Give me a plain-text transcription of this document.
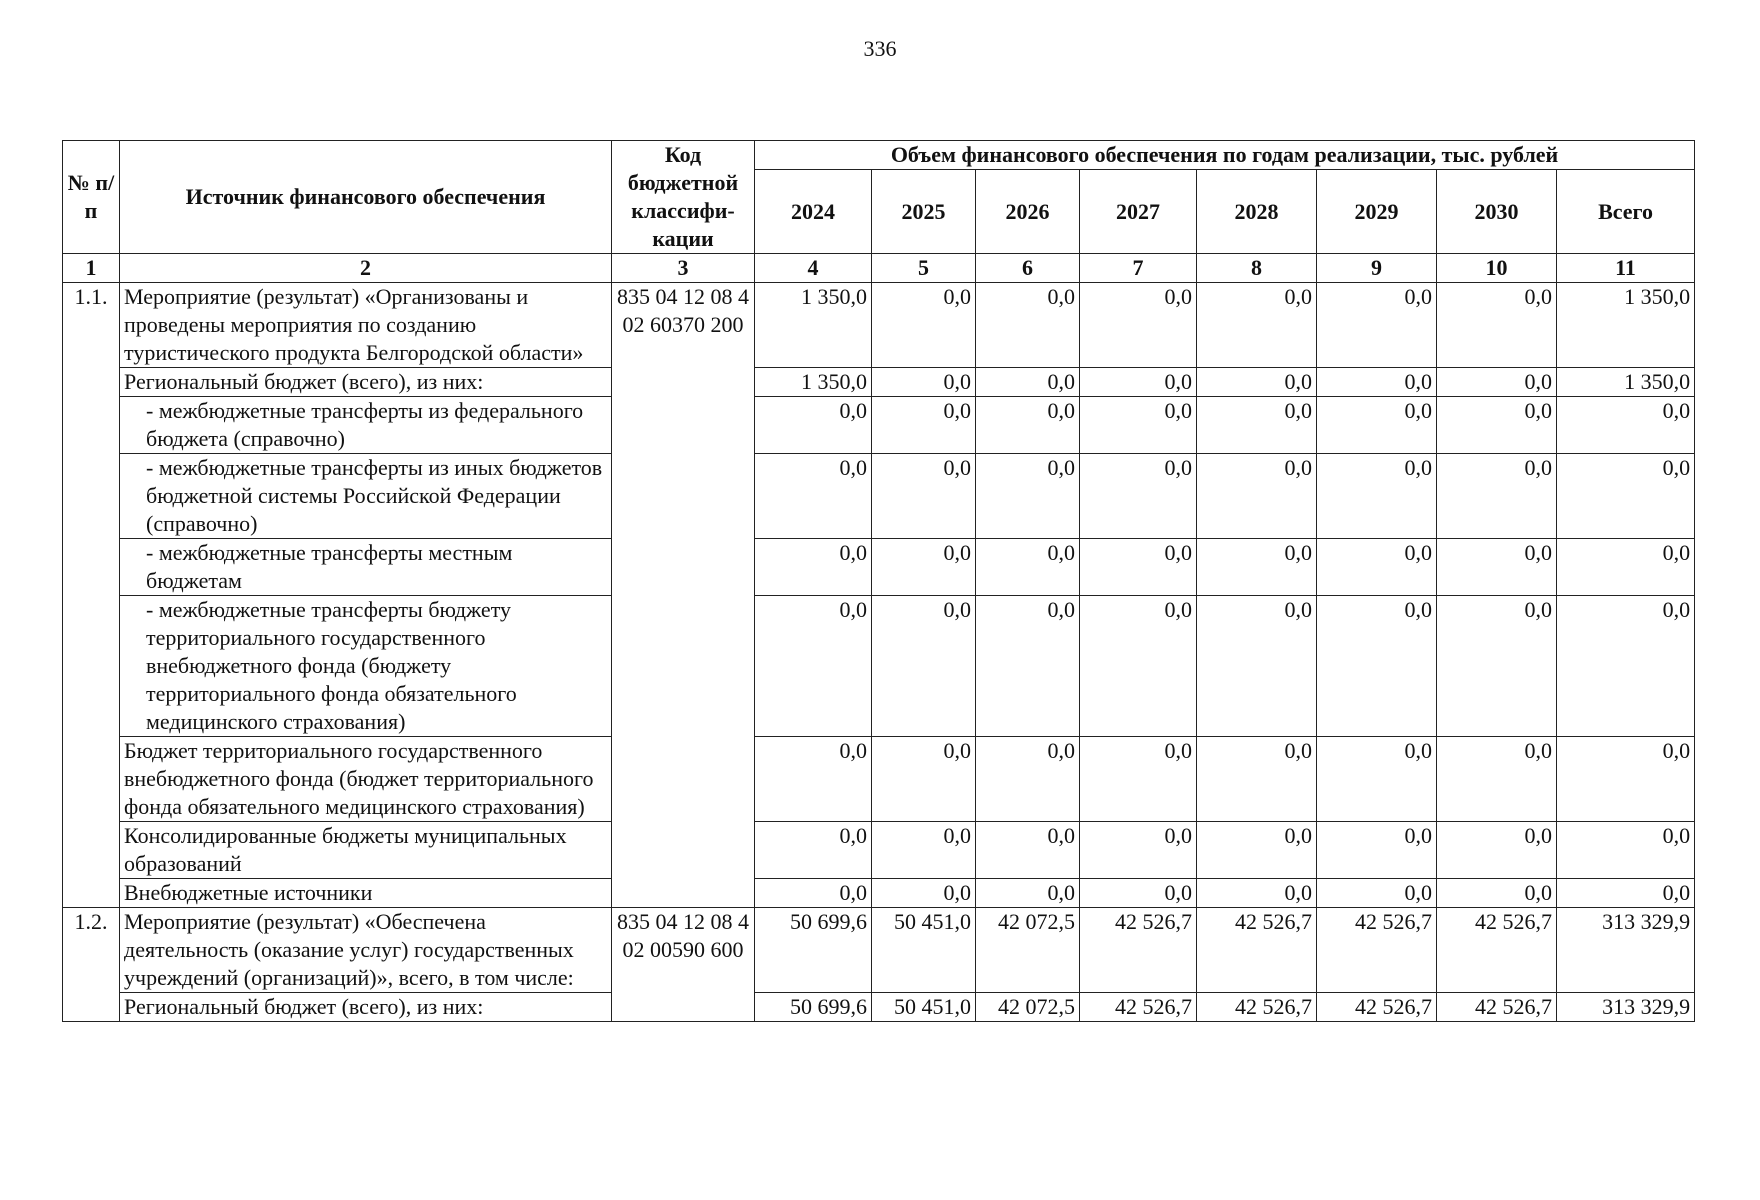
336
№ п/п	Источник финансового обеспечения	Код бюджетной классифи-кации	Объем финансового обеспечения по годам реализации, тыс. рублей							
			2024	2025	2026	2027	2028	2029	2030	Всего
1	2	3	4	5	6	7	8	9	10	11
1.1.	Мероприятие (результат) «Организованы и проведены мероприятия по созданию туристического продукта Белгородской области»	835 04 12 08 4 02 60370 200	1 350,0	0,0	0,0	0,0	0,0	0,0	0,0	1 350,0
	Региональный бюджет (всего), из них:		1 350,0	0,0	0,0	0,0	0,0	0,0	0,0	1 350,0
	- межбюджетные трансферты из федерального бюджета (справочно)		0,0	0,0	0,0	0,0	0,0	0,0	0,0	0,0
	- межбюджетные трансферты из иных бюджетов бюджетной системы Российской Федерации (справочно)		0,0	0,0	0,0	0,0	0,0	0,0	0,0	0,0
	- межбюджетные трансферты местным бюджетам		0,0	0,0	0,0	0,0	0,0	0,0	0,0	0,0
	- межбюджетные трансферты бюджету территориального государственного внебюджетного фонда (бюджету территориального фонда обязательного медицинского страхования)		0,0	0,0	0,0	0,0	0,0	0,0	0,0	0,0
	Бюджет территориального государственного внебюджетного фонда (бюджет территориального фонда обязательного медицинского страхования)		0,0	0,0	0,0	0,0	0,0	0,0	0,0	0,0
	Консолидированные бюджеты муниципальных образований		0,0	0,0	0,0	0,0	0,0	0,0	0,0	0,0
	Внебюджетные источники		0,0	0,0	0,0	0,0	0,0	0,0	0,0	0,0
1.2.	Мероприятие (результат) «Обеспечена деятельность (оказание услуг) государственных учреждений (организаций)», всего, в том числе:	835 04 12 08 4 02 00590 600	50 699,6	50 451,0	42 072,5	42 526,7	42 526,7	42 526,7	42 526,7	313 329,9
	Региональный бюджет (всего), из них:		50 699,6	50 451,0	42 072,5	42 526,7	42 526,7	42 526,7	42 526,7	313 329,9
